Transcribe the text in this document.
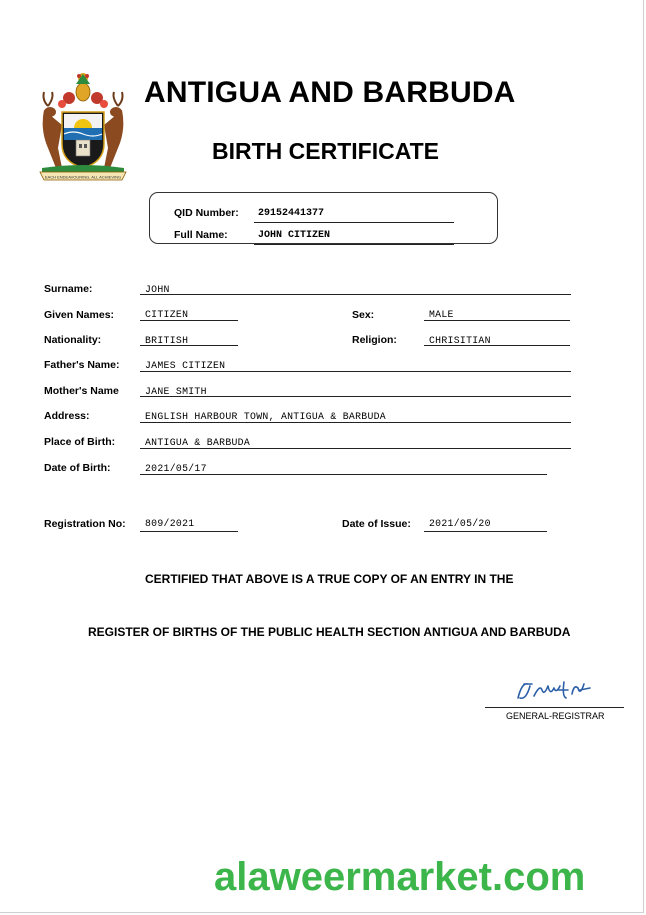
EACH ENDEAVOURING, ALL ACHIEVING
ANTIGUA AND BARBUDA
BIRTH CERTIFICATE
QID Number: 29152441377
Full Name:	JOHN CITIZEN
Surname:	JOHN
Given Names:	CITIZEN	Sex:	MALE
Nationality:	BRITISH	Religion:	CHRISITIAN
Father's Name:	JAMES CITIZEN
Mother's Name	JANE SMITH
Address:	ENGLISH HARBOUR TOWN, ANTIGUA & BARBUDA
Place of Birth:	ANTIGUA & BARBUDA
Date of Birth:	2021/05/17
Registration No: 809/2021	Date of Issue: 2021/05/20
CERTIFIED THAT ABOVE IS A TRUE COPY OF AN ENTRY IN THE
REGISTER OF BIRTHS OF THE PUBLIC HEALTH SECTION ANTIGUA AND BARBUDA
GENERAL-REGISTRAR
alaweermarket.com
